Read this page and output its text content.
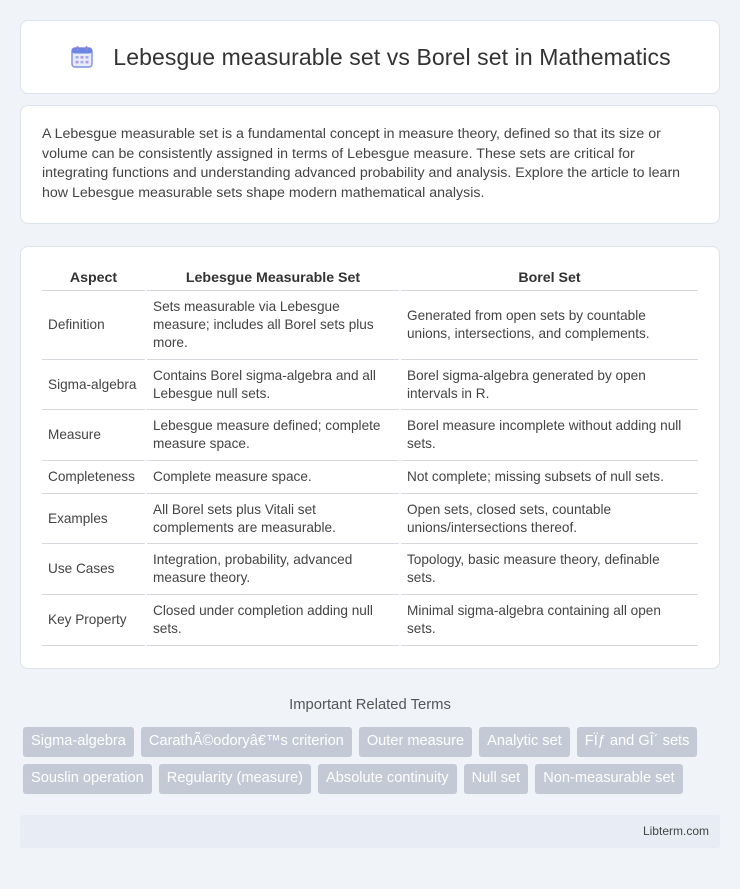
Lebesgue measurable set vs Borel set in Mathematics

A Lebesgue measurable set is a fundamental concept in measure theory, defined so that its size or volume can be consistently assigned in terms of Lebesgue measure. These sets are critical for integrating functions and understanding advanced probability and analysis. Explore the article to learn how Lebesgue measurable sets shape modern mathematical analysis.

Aspect	Lebesgue Measurable Set	Borel Set
Definition	Sets measurable via Lebesgue measure; includes all Borel sets plus more.	Generated from open sets by countable unions, intersections, and complements.
Sigma-algebra	Contains Borel sigma-algebra and all Lebesgue null sets.	Borel sigma-algebra generated by open intervals in R.
Measure	Lebesgue measure defined; complete measure space.	Borel measure incomplete without adding null sets.
Completeness	Complete measure space.	Not complete; missing subsets of null sets.
Examples	All Borel sets plus Vitali set complements are measurable.	Open sets, closed sets, countable unions/intersections thereof.
Use Cases	Integration, probability, advanced measure theory.	Topology, basic measure theory, definable sets.
Key Property	Closed under completion adding null sets.	Minimal sigma-algebra containing all open sets.
Important Related Terms
Sigma-algebra	CarathÃ©odoryâ€™s criterion	Outer measure	Analytic set	FÏƒ and GÎ´ sets
Souslin operation	Regularity (measure)	Absolute continuity	Null set	Non-measurable set
Libterm.com
